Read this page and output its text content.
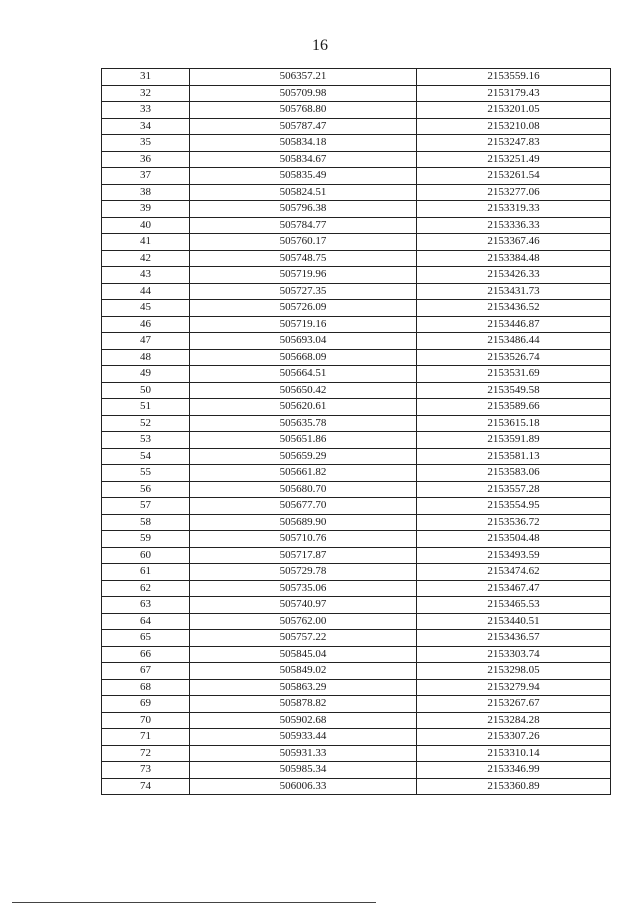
16
31	506357.21	2153559.16
32	505709.98	2153179.43
33	505768.80	2153201.05
34	505787.47	2153210.08
35	505834.18	2153247.83
36	505834.67	2153251.49
37	505835.49	2153261.54
38	505824.51	2153277.06
39	505796.38	2153319.33
40	505784.77	2153336.33
41	505760.17	2153367.46
42	505748.75	2153384.48
43	505719.96	2153426.33
44	505727.35	2153431.73
45	505726.09	2153436.52
46	505719.16	2153446.87
47	505693.04	2153486.44
48	505668.09	2153526.74
49	505664.51	2153531.69
50	505650.42	2153549.58
51	505620.61	2153589.66
52	505635.78	2153615.18
53	505651.86	2153591.89
54	505659.29	2153581.13
55	505661.82	2153583.06
56	505680.70	2153557.28
57	505677.70	2153554.95
58	505689.90	2153536.72
59	505710.76	2153504.48
60	505717.87	2153493.59
61	505729.78	2153474.62
62	505735.06	2153467.47
63	505740.97	2153465.53
64	505762.00	2153440.51
65	505757.22	2153436.57
66	505845.04	2153303.74
67	505849.02	2153298.05
68	505863.29	2153279.94
69	505878.82	2153267.67
70	505902.68	2153284.28
71	505933.44	2153307.26
72	505931.33	2153310.14
73	505985.34	2153346.99
74	506006.33	2153360.89
